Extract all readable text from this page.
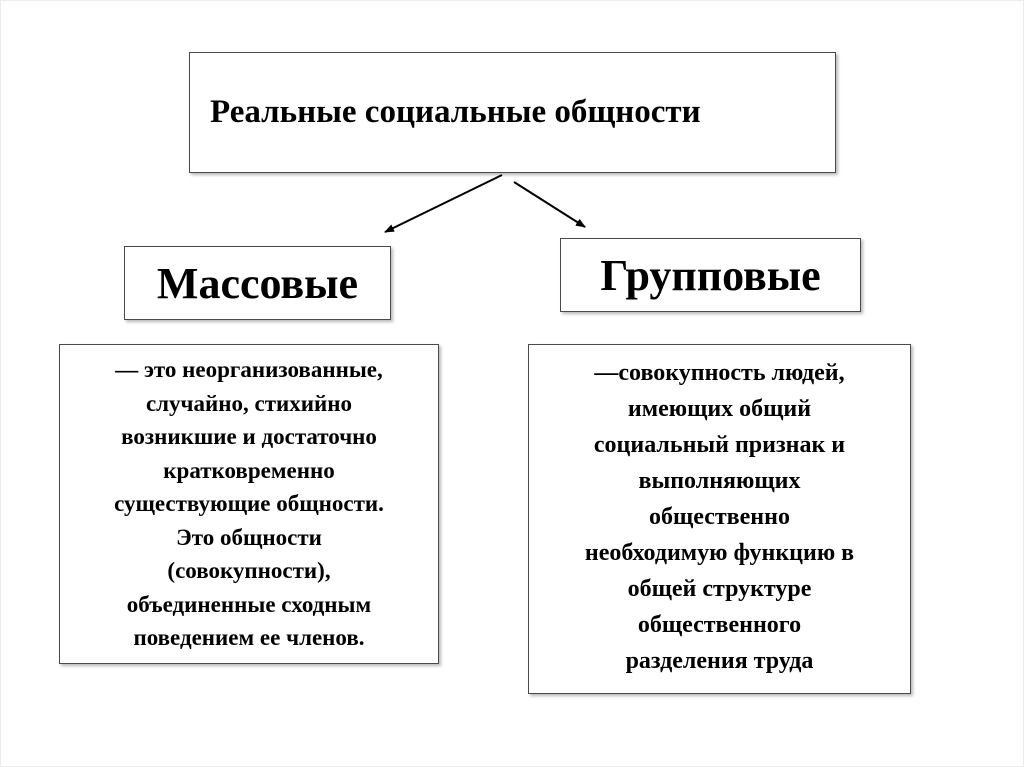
Реальные социальные общности
Массовые	Групповые
— это неорганизованные,
случайно, стихийно
возникшие и достаточно
кратковременно
существующие общности.
Это общности
(совокупности),
объединенные сходным
поведением ее членов.
—совокупность людей,
имеющих общий
социальный признак и
выполняющих
общественно
необходимую функцию в
общей структуре
общественного
разделения труда
